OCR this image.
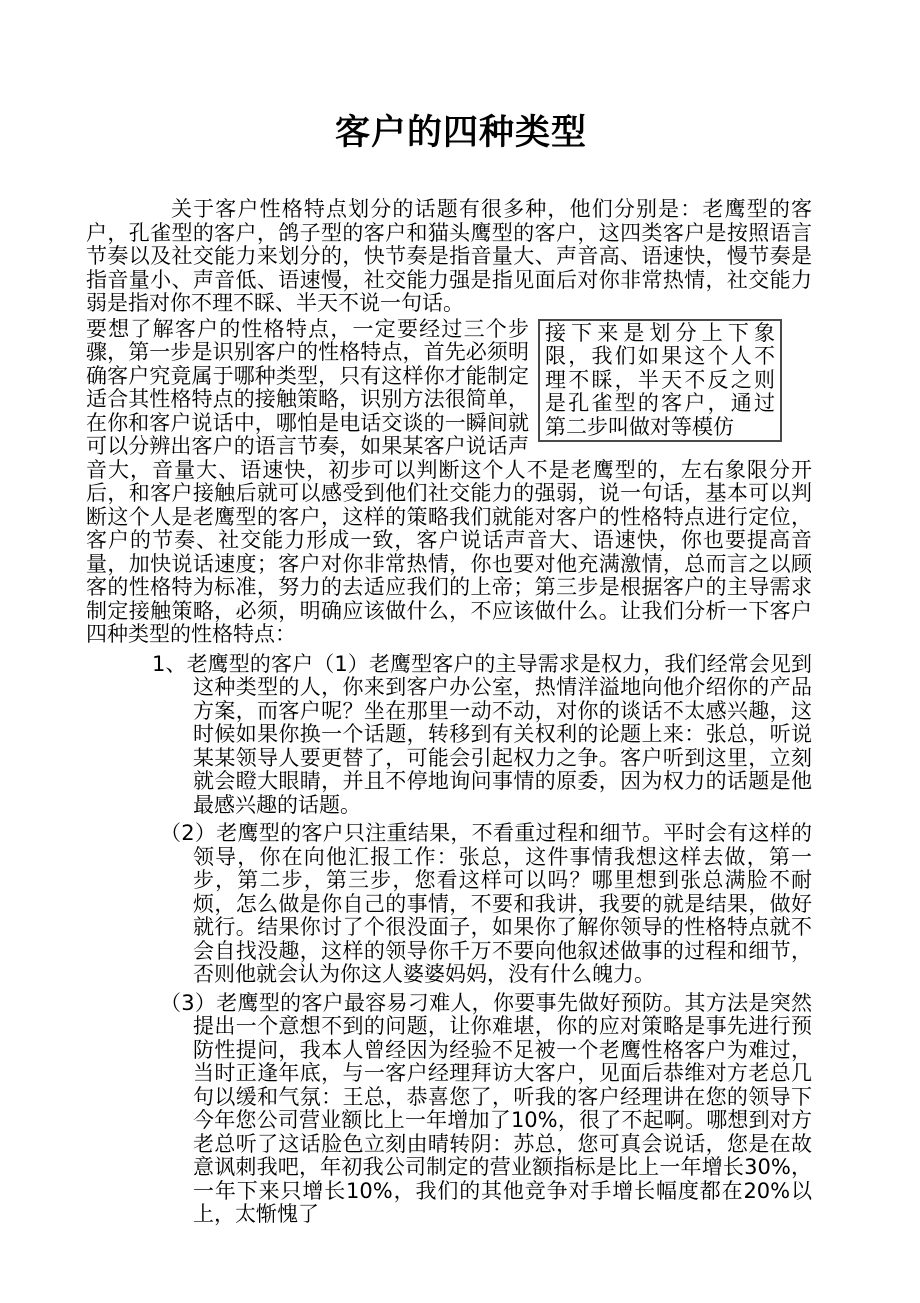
客户的四种类型

关于客户性格特点划分的话题有很多种，他们分别是：老鹰型的客户，孔雀型的客户，鸽子型的客户和猫头鹰型的客户，这四类客户是按照语言节奏以及社交能力来划分的，快节奏是指音量大、声音高、语速快，慢节奏是指音量小、声音低、语速慢，社交能力强是指见面后对你非常热情，社交能力弱是指对你不理不睬、半天不说一句话。

接下来是划分上下象限，我们如果这个人不理不睬，半天不反之则是孔雀型的客户，通过第二步叫做对等模仿

要想了解客户的性格特点，一定要经过三个步骤，第一步是识别客户的性格特点，首先必须明确客户究竟属于哪种类型，只有这样你才能制定适合其性格特点的接触策略，识别方法很简单，在你和客户说话中，哪怕是电话交谈的一瞬间就可以分辨出客户的语言节奏，如果某客户说话声音大，音量大、语速快，初步可以判断这个人不是老鹰型的，左右象限分开后，和客户接触后就可以感受到他们社交能力的强弱，说一句话，基本可以判断这个人是老鹰型的客户，这样的策略我们就能对客户的性格特点进行定位，客户的节奏、社交能力形成一致，客户说话声音大、语速快，你也要提高音量，加快说话速度；客户对你非常热情，你也要对他充满激情，总而言之以顾客的性格特为标准，努力的去适应我们的上帝；第三步是根据客户的主导需求制定接触策略，必须，明确应该做什么，不应该做什么。让我们分析一下客户四种类型的性格特点：

1、老鹰型的客户（1）老鹰型客户的主导需求是权力，我们经常会见到这种类型的人，你来到客户办公室，热情洋溢地向他介绍你的产品方案，而客户呢？坐在那里一动不动，对你的谈话不太感兴趣，这时候如果你换一个话题，转移到有关权利的论题上来：张总，听说某某领导人要更替了，可能会引起权力之争。客户听到这里，立刻就会瞪大眼睛，并且不停地询问事情的原委，因为权力的话题是他最感兴趣的话题。
（2）老鹰型的客户只注重结果，不看重过程和细节。平时会有这样的领导，你在向他汇报工作：张总，这件事情我想这样去做，第一步，第二步，第三步，您看这样可以吗？哪里想到张总满脸不耐烦，怎么做是你自己的事情，不要和我讲，我要的就是结果，做好就行。结果你讨了个很没面子，如果你了解你领导的性格特点就不会自找没趣，这样的领导你千万不要向他叙述做事的过程和细节，否则他就会认为你这人婆婆妈妈，没有什么魄力。
（3）老鹰型的客户最容易刁难人，你要事先做好预防。其方法是突然提出一个意想不到的问题，让你难堪，你的应对策略是事先进行预防性提问，我本人曾经因为经验不足被一个老鹰性格客户为难过，当时正逢年底，与一客户经理拜访大客户，见面后恭维对方老总几句以缓和气氛：王总，恭喜您了，听我的客户经理讲在您的领导下今年您公司营业额比上一年增加了10%，很了不起啊。哪想到对方老总听了这话脸色立刻由晴转阴：苏总，您可真会说话，您是在故意讽刺我吧，年初我公司制定的营业额指标是比上一年增长30%，一年下来只增长10%，我们的其他竞争对手增长幅度都在20%以上，太惭愧了
